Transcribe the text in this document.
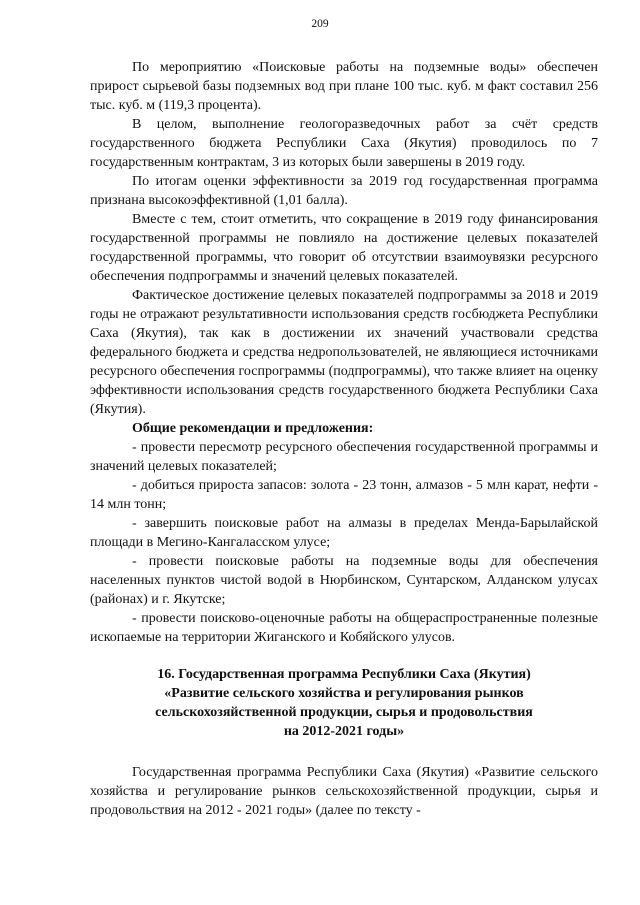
209

По мероприятию «Поисковые работы на подземные воды» обеспечен прирост сырьевой базы подземных вод при плане 100 тыс. куб. м факт составил 256 тыс. куб. м (119,3 процента).

В целом, выполнение геологоразведочных работ за счёт средств государственного бюджета Республики Саха (Якутия) проводилось по 7 государственным контрактам, 3 из которых были завершены в 2019 году.

По итогам оценки эффективности за 2019 год государственная программа признана высокоэффективной (1,01 балла).

Вместе с тем, стоит отметить, что сокращение в 2019 году финансирования государственной программы не повлияло на достижение целевых показателей государственной программы, что говорит об отсутствии взаимоувязки ресурсного обеспечения подпрограммы и значений целевых показателей.

Фактическое достижение целевых показателей подпрограммы за 2018 и 2019 годы не отражают результативности использования средств госбюджета Республики Саха (Якутия), так как в достижении их значений участвовали средства федерального бюджета и средства недропользователей, не являющиеся источниками ресурсного обеспечения госпрограммы (подпрограммы), что также влияет на оценку эффективности использования средств государственного бюджета Республики Саха (Якутия).

Общие рекомендации и предложения:

- провести пересмотр ресурсного обеспечения государственной программы и значений целевых показателей;

- добиться прироста запасов: золота - 23 тонн, алмазов - 5 млн карат, нефти - 14 млн тонн;

- завершить поисковые работ на алмазы в пределах Менда-Барылайской площади в Мегино-Кангаласском улусе;

- провести поисковые работы на подземные воды для обеспечения населенных пунктов чистой водой в Нюрбинском, Сунтарском, Алданском улусах (районах) и г. Якутске;

- провести поисково-оценочные работы на общераспространенные полезные ископаемые на территории Жиганского и Кобяйского улусов.

16. Государственная программа Республики Саха (Якутия)
«Развитие сельского хозяйства и регулирования рынков
сельскохозяйственной продукции, сырья и продовольствия
на 2012-2021 годы»

Государственная программа Республики Саха (Якутия) «Развитие сельского хозяйства и регулирование рынков сельскохозяйственной продукции, сырья и продовольствия на 2012 - 2021 годы» (далее по тексту -
